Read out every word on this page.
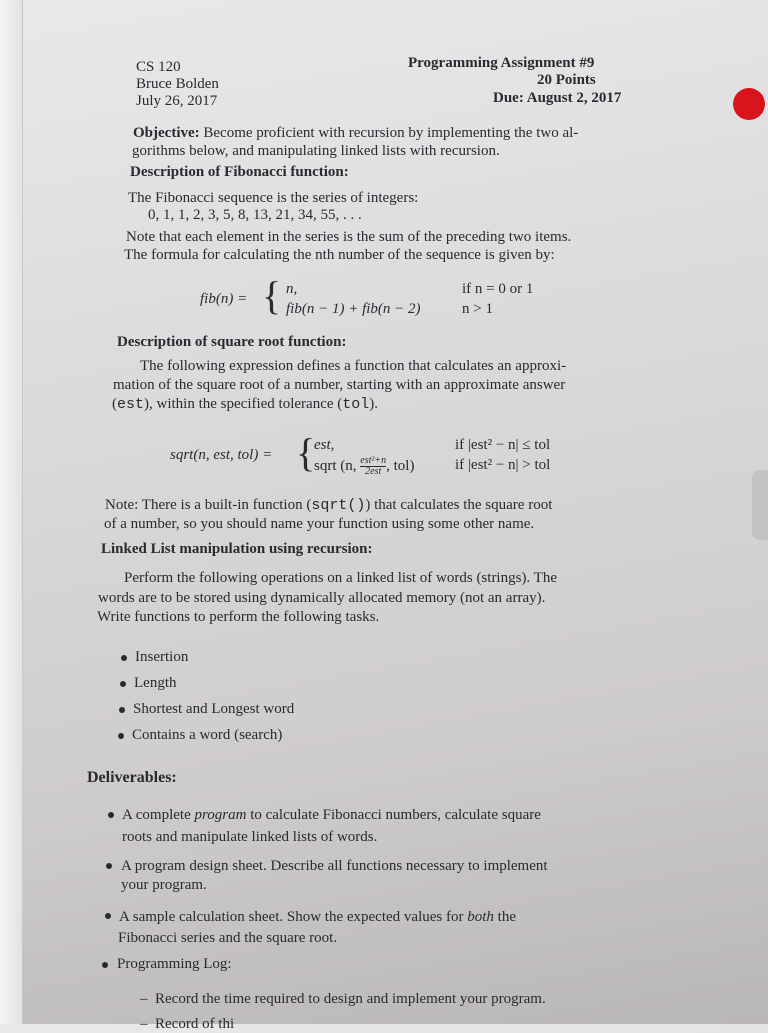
CS 120
Bruce Bolden
July 26, 2017
Programming Assignment #9
20 Points
Due: August 2, 2017
Objective: Become proficient with recursion by implementing the two al-
gorithms below, and manipulating linked lists with recursion.
Description of Fibonacci function:
The Fibonacci sequence is the series of integers:
0, 1, 1, 2, 3, 5, 8, 13, 21, 34, 55, . . .
Note that each element in the series is the sum of the preceding two items.
The formula for calculating the nth number of the sequence is given by:
fib(n) = { n,	if n = 0 or 1
fib(n − 1) + fib(n − 2)	n > 1
Description of square root function:
The following expression defines a function that calculates an approxi-
mation of the square root of a number, starting with an approximate answer
(est), within the specified tolerance (tol).
sqrt(n, est, tol) = {
est,	if |est² − n| ≤ tol
sqrt (n, $\frac{\text{est²+n}}{\text{2est}}$ , tol)	if |est² − n| > tol
Note: There is a built-in function (sqrt()) that calculates the square root
of a number, so you should name your function using some other name.
Linked List manipulation using recursion:
Perform the following operations on a linked list of words (strings). The
words are to be stored using dynamically allocated memory (not an array).
Write functions to perform the following tasks.
Insertion
Length
Shortest and Longest word
Contains a word (search)
Deliverables:
A complete program to calculate Fibonacci numbers, calculate square
roots and manipulate linked lists of words.
A program design sheet. Describe all functions necessary to implement
your program.
A sample calculation sheet. Show the expected values for both the
Fibonacci series and the square root.
Programming Log:
– Record the time required to design and implement your program.
– Record of thi
